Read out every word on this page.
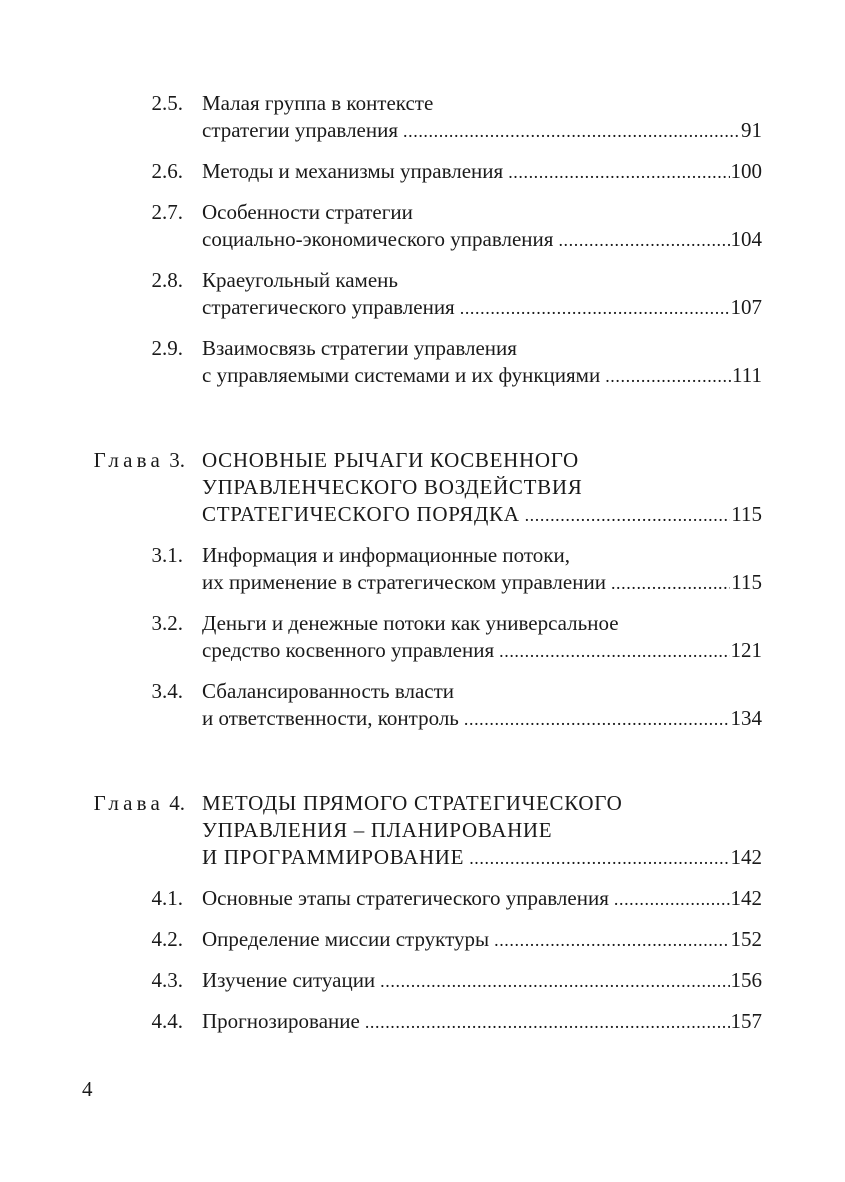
2.5. Малая группа в контексте
стратегии управления .....	91
2.6. Методы и механизмы управления .....	100
2.7. Особенности стратегии
социально-экономического управления .....	104
2.8. Краеугольный камень
стратегического управления .....	107
2.9. Взаимосвязь стратегии управления
с управляемыми системами и их функциями .....	111
Глава 3. ОСНОВНЫЕ РЫЧАГИ КОСВЕННОГО
УПРАВЛЕНЧЕСКОГО ВОЗДЕЙСТВИЯ
СТРАТЕГИЧЕСКОГО ПОРЯДКА .....	115
3.1. Информация и информационные потоки,
их применение в стратегическом управлении .....	115
3.2. Деньги и денежные потоки как универсальное
средство косвенного управления .....	121
3.4. Сбалансированность власти
и ответственности, контроль .....	134
Глава 4. МЕТОДЫ ПРЯМОГО СТРАТЕГИЧЕСКОГО
УПРАВЛЕНИЯ – ПЛАНИРОВАНИЕ
И ПРОГРАММИРОВАНИЕ .....	142
4.1. Основные этапы стратегического управления .....	142
4.2. Определение миссии структуры .....	152
4.3. Изучение ситуации .....	156
4.4. Прогнозирование .....	157
4
